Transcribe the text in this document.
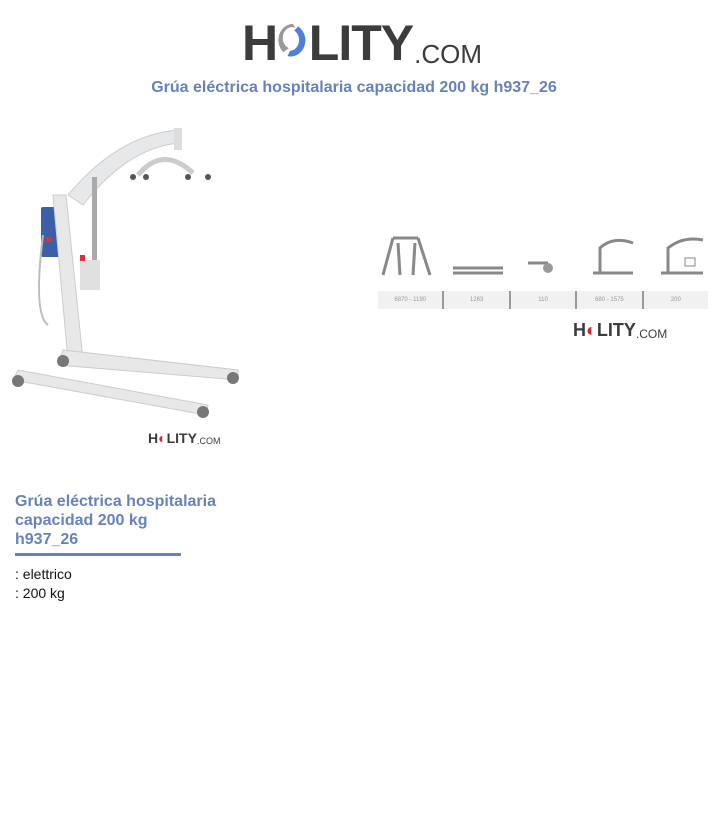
H LITY .COM
Grúa eléctrica hospitalaria capacidad 200 kg h937_26
H ◐ LITY .COM
6870 - 1190	1263	110	680 - 1575	200
H ◐ LITY .COM
Grúa eléctrica hospitalaria
capacidad 200 kg
h937_26
: elettrico
: 200 kg
